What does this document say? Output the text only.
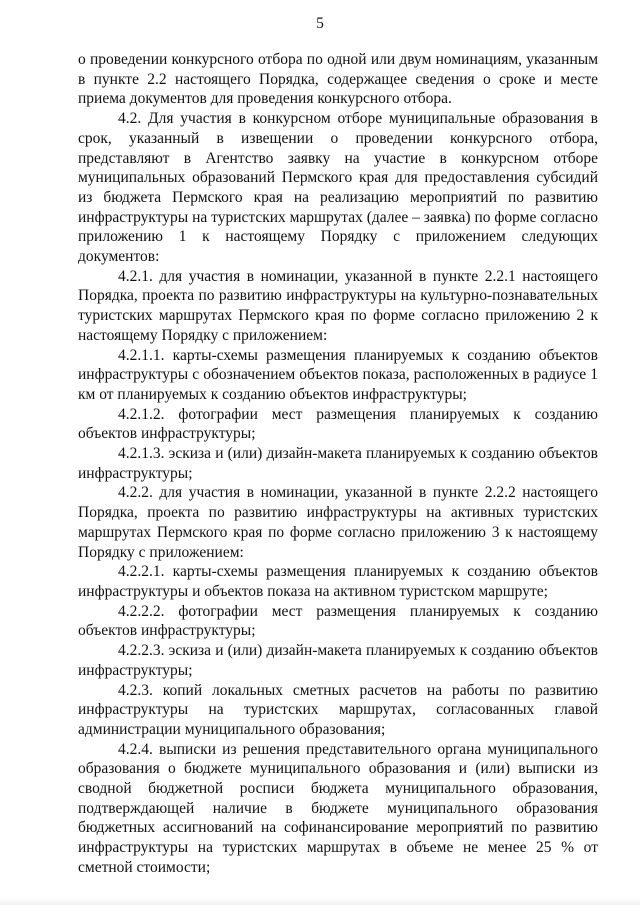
5

о проведении конкурсного отбора по одной или двум номинациям, указанным в пункте 2.2 настоящего Порядка, содержащее сведения о сроке и месте приема документов для проведения конкурсного отбора.

4.2. Для участия в конкурсном отборе муниципальные образования в срок, указанный в извещении о проведении конкурсного отбора, представляют в Агентство заявку на участие в конкурсном отборе муниципальных образований Пермского края для предоставления субсидий из бюджета Пермского края на реализацию мероприятий по развитию инфраструктуры на туристских маршрутах (далее – заявка) по форме согласно приложению 1 к настоящему Порядку с приложением следующих документов:

4.2.1. для участия в номинации, указанной в пункте 2.2.1 настоящего Порядка, проекта по развитию инфраструктуры на культурно-познавательных туристских маршрутах Пермского края по форме согласно приложению 2 к настоящему Порядку с приложением:

4.2.1.1. карты-схемы размещения планируемых к созданию объектов инфраструктуры с обозначением объектов показа, расположенных в радиусе 1 км от планируемых к созданию объектов инфраструктуры;

4.2.1.2. фотографии мест размещения планируемых к созданию объектов инфраструктуры;

4.2.1.3. эскиза и (или) дизайн-макета планируемых к созданию объектов инфраструктуры;

4.2.2. для участия в номинации, указанной в пункте 2.2.2 настоящего Порядка, проекта по развитию инфраструктуры на активных туристских маршрутах Пермского края по форме согласно приложению 3 к настоящему Порядку с приложением:

4.2.2.1. карты-схемы размещения планируемых к созданию объектов инфраструктуры и объектов показа на активном туристском маршруте;

4.2.2.2. фотографии мест размещения планируемых к созданию объектов инфраструктуры;

4.2.2.3. эскиза и (или) дизайн-макета планируемых к созданию объектов инфраструктуры;

4.2.3. копий локальных сметных расчетов на работы по развитию инфраструктуры на туристских маршрутах, согласованных главой администрации муниципального образования;

4.2.4. выписки из решения представительного органа муниципального образования о бюджете муниципального образования и (или) выписки из сводной бюджетной росписи бюджета муниципального образования, подтверждающей наличие в бюджете муниципального образования бюджетных ассигнований на софинансирование мероприятий по развитию инфраструктуры на туристских маршрутах в объеме не менее 25 % от сметной стоимости;
